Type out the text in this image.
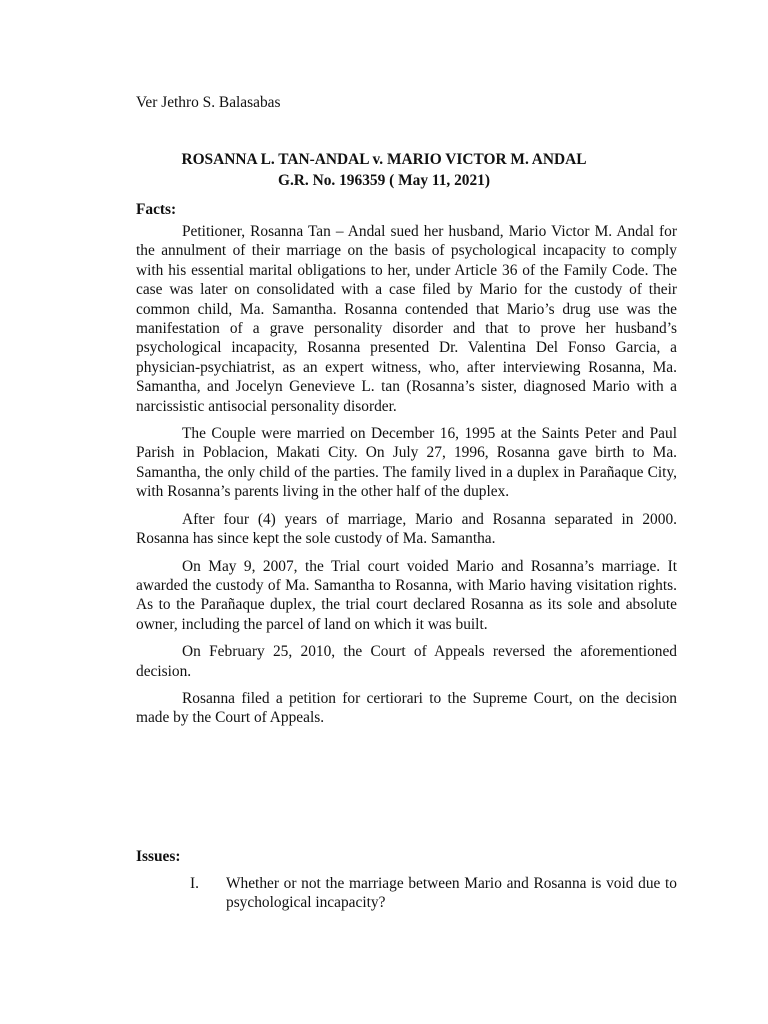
Ver Jethro S. Balasabas

ROSANNA L. TAN-ANDAL v. MARIO VICTOR M. ANDAL

G.R. No. 196359 ( May 11, 2021)

Facts:

Petitioner, Rosanna Tan – Andal sued her husband, Mario Victor M. Andal for the annulment of their marriage on the basis of psychological incapacity to comply with his essential marital obligations to her, under Article 36 of the Family Code. The case was later on consolidated with a case filed by Mario for the custody of their common child, Ma. Samantha. Rosanna contended that Mario’s drug use was the manifestation of a grave personality disorder and that to prove her husband’s psychological incapacity, Rosanna presented Dr. Valentina Del Fonso Garcia, a physician-psychiatrist, as an expert witness, who, after interviewing Rosanna, Ma. Samantha, and Jocelyn Genevieve L. tan (Rosanna’s sister, diagnosed Mario with a narcissistic antisocial personality disorder.

The Couple were married on December 16, 1995 at the Saints Peter and Paul Parish in Poblacion, Makati City. On July 27, 1996, Rosanna gave birth to Ma. Samantha, the only child of the parties. The family lived in a duplex in Parañaque City, with Rosanna’s parents living in the other half of the duplex.

After four (4) years of marriage, Mario and Rosanna separated in 2000. Rosanna has since kept the sole custody of Ma. Samantha.

On May 9, 2007, the Trial court voided Mario and Rosanna’s marriage. It awarded the custody of Ma. Samantha to Rosanna, with Mario having visitation rights. As to the Parañaque duplex, the trial court declared Rosanna as its sole and absolute owner, including the parcel of land on which it was built.

On February 25, 2010, the Court of Appeals reversed the aforementioned decision.

Rosanna filed a petition for certiorari to the Supreme Court, on the decision made by the Court of Appeals.

Issues:

I.	Whether or not the marriage between Mario and Rosanna is void due to psychological incapacity?
